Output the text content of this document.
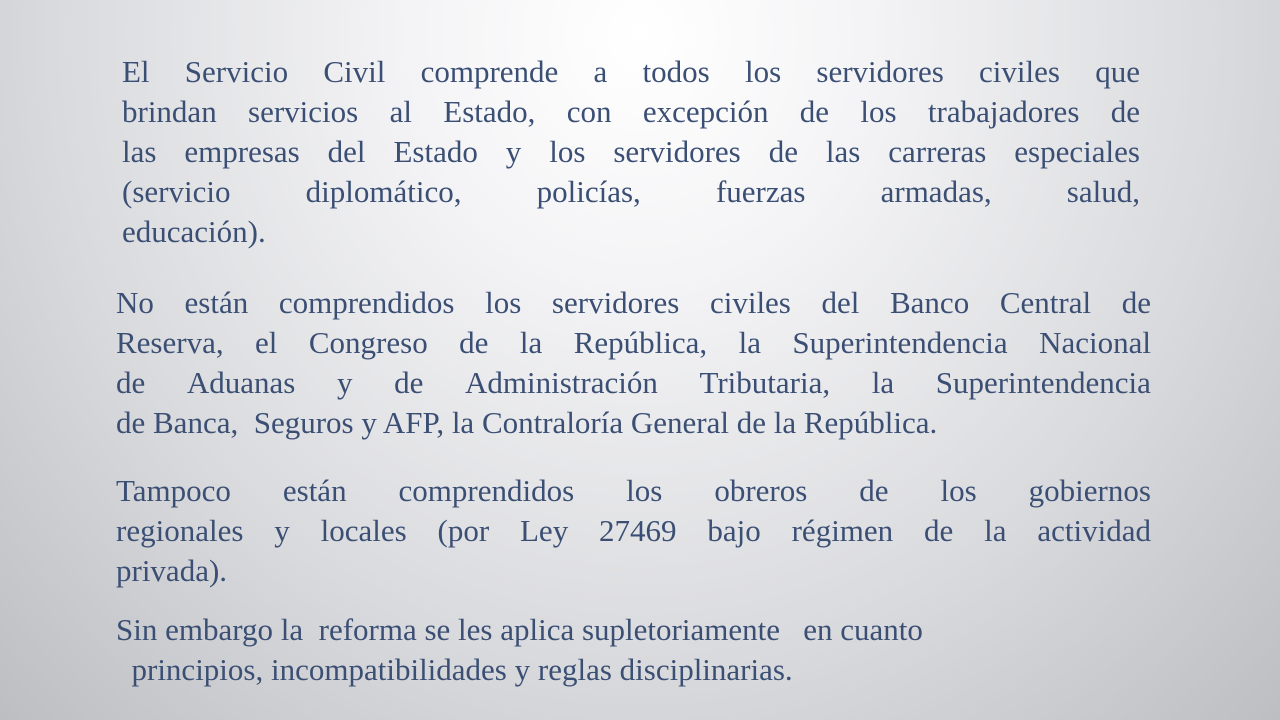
El Servicio Civil comprende a todos los servidores civiles que
brindan servicios al Estado, con excepción de los trabajadores de
las empresas del Estado y los servidores de las carreras especiales
(servicio diplomático, policías, fuerzas armadas, salud,
educación).
No están comprendidos los servidores civiles del Banco Central de
Reserva, el Congreso de la República, la Superintendencia Nacional
de Aduanas y de Administración Tributaria, la Superintendencia
de Banca,  Seguros y AFP, la Contraloría General de la República.
Tampoco están comprendidos los obreros de los gobiernos
regionales y locales (por Ley 27469 bajo régimen de la actividad
privada).
Sin embargo la  reforma se les aplica supletoriamente   en cuanto
principios, incompatibilidades y reglas disciplinarias.
